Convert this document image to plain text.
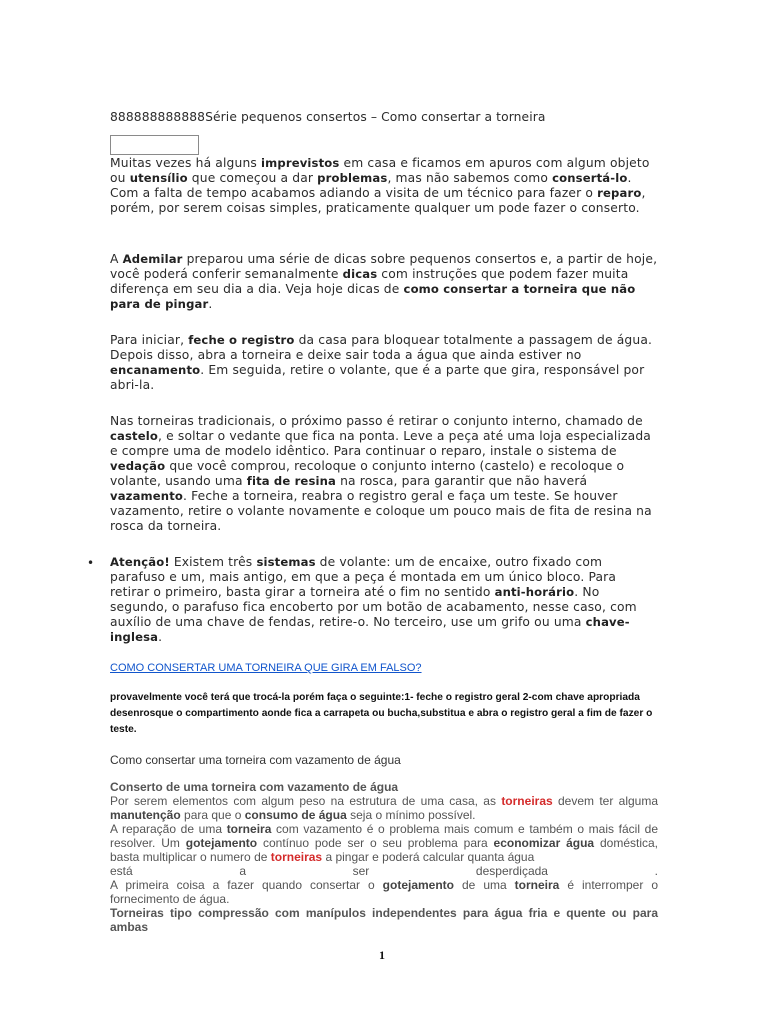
888888888888Série pequenos consertos – Como consertar a torneira
Muitas vezes há alguns imprevistos em casa e ficamos em apuros com algum objeto ou utensílio que começou a dar problemas, mas não sabemos como consertá-lo. Com a falta de tempo acabamos adiando a visita de um técnico para fazer o reparo, porém, por serem coisas simples, praticamente qualquer um pode fazer o conserto.
A Ademilar preparou uma série de dicas sobre pequenos consertos e, a partir de hoje, você poderá conferir semanalmente dicas com instruções que podem fazer muita diferença em seu dia a dia. Veja hoje dicas de como consertar a torneira que não para de pingar.
Para iniciar, feche o registro da casa para bloquear totalmente a passagem de água. Depois disso, abra a torneira e deixe sair toda a água que ainda estiver no encanamento. Em seguida, retire o volante, que é a parte que gira, responsável por abri-la.
Nas torneiras tradicionais, o próximo passo é retirar o conjunto interno, chamado de castelo, e soltar o vedante que fica na ponta. Leve a peça até uma loja especializada e compre uma de modelo idêntico. Para continuar o reparo, instale o sistema de vedação que você comprou, recoloque o conjunto interno (castelo) e recoloque o volante, usando uma fita de resina na rosca, para garantir que não haverá vazamento. Feche a torneira, reabra o registro geral e faça um teste. Se houver vazamento, retire o volante novamente e coloque um pouco mais de fita de resina na rosca da torneira.
• Atenção! Existem três sistemas de volante: um de encaixe, outro fixado com parafuso e um, mais antigo, em que a peça é montada em um único bloco. Para retirar o primeiro, basta girar a torneira até o fim no sentido anti-horário. No segundo, o parafuso fica encoberto por um botão de acabamento, nesse caso, com auxílio de uma chave de fendas, retire-o. No terceiro, use um grifo ou uma chave-inglesa.
COMO CONSERTAR UMA TORNEIRA QUE GIRA EM FALSO?
provavelmente você terá que trocá-la porém faça o seguinte:1- feche o registro geral 2-com chave apropriada desenrosque o compartimento aonde fica a carrapeta ou bucha,substitua e abra o registro geral a fim de fazer o teste.
Como consertar uma torneira com vazamento de água
Conserto de uma torneira com vazamento de água
Por serem elementos com algum peso na estrutura de uma casa, as torneiras devem ter alguma manutenção para que o consumo de água seja o mínimo possível.
A reparação de uma torneira com vazamento é o problema mais comum e também o mais fácil de resolver. Um gotejamento contínuo pode ser o seu problema para economizar água doméstica, basta multiplicar o numero de torneiras a pingar e poderá calcular quanta água
está	a	ser	desperdiçada	.
A primeira coisa a fazer quando consertar o gotejamento de uma torneira é interromper o fornecimento de água.
Torneiras tipo compressão com manípulos independentes para água fria e quente ou para ambas
1
